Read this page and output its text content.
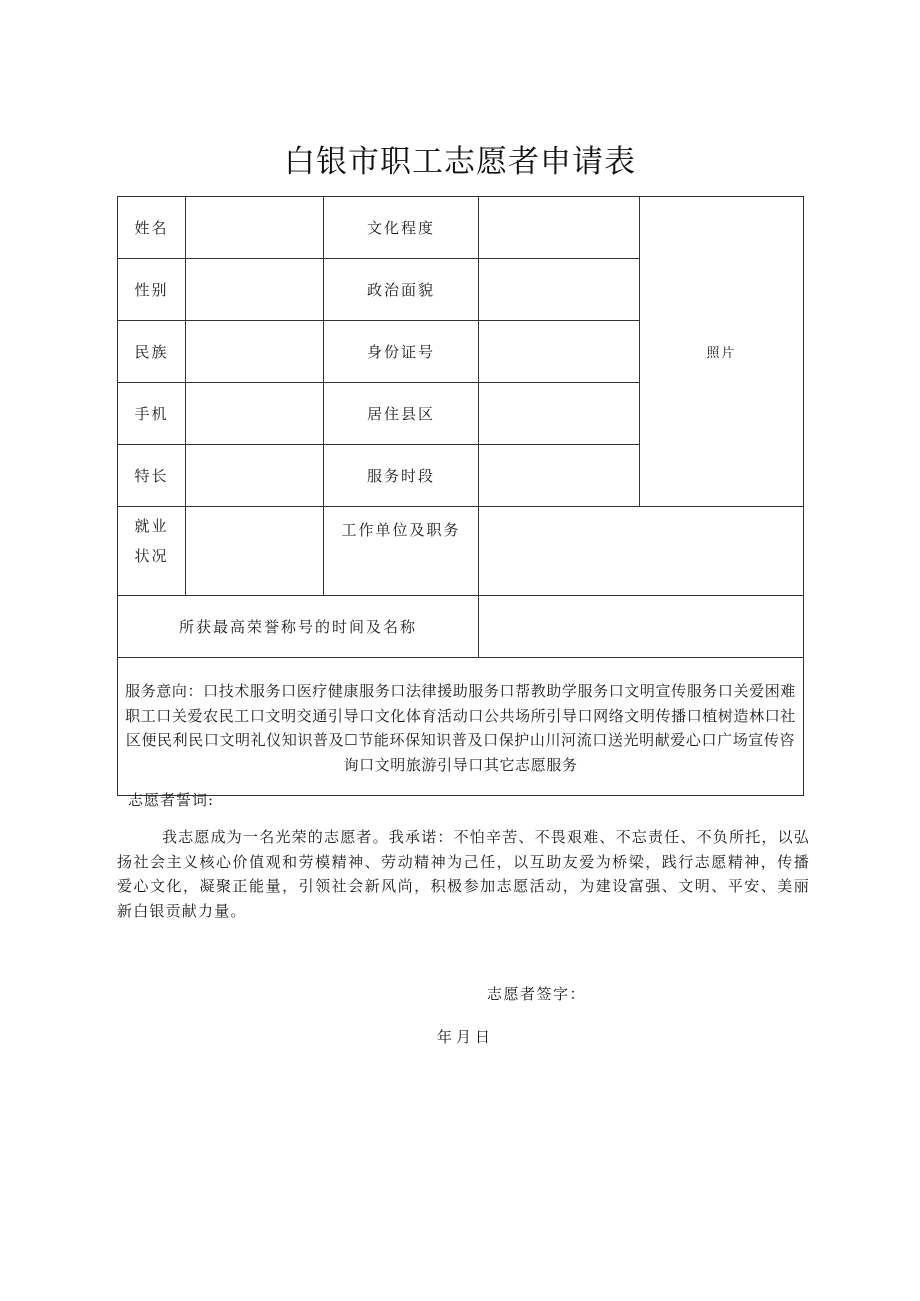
白银市职工志愿者申请表
姓名		文化程度		照片
性别		政治面貌		
民族		身份证号		
手机		居住县区		
特长		服务时段		

就业
状况		工作单位及职务		
所获最高荣誉称号的时间及名称				

服务意向：口技术服务口医疗健康服务口法律援助服务口帮教助学服务口文明宣传服务口关爱困难职工口关爱农民工口文明交通引导口文化体育活动口公共场所引导口网络文明传播口植树造林口社区便民利民口文明礼仪知识普及☐节能环保知识普及口保护山川河流口送光明献爱心口广场宣传咨询口文明旅游引导口其它志愿服务				
志愿者誓词:
我志愿成为一名光荣的志愿者。我承诺：不怕辛苦、不畏艰难、不忘责任、不负所托，以弘扬社会主义核心价值观和劳模精神、劳动精神为己任，以互助友爱为桥梁，践行志愿精神，传播爱心文化，凝聚正能量，引领社会新风尚，积极参加志愿活动，为建设富强、文明、平安、美丽新白银贡献力量。
志愿者签字：
年月日
